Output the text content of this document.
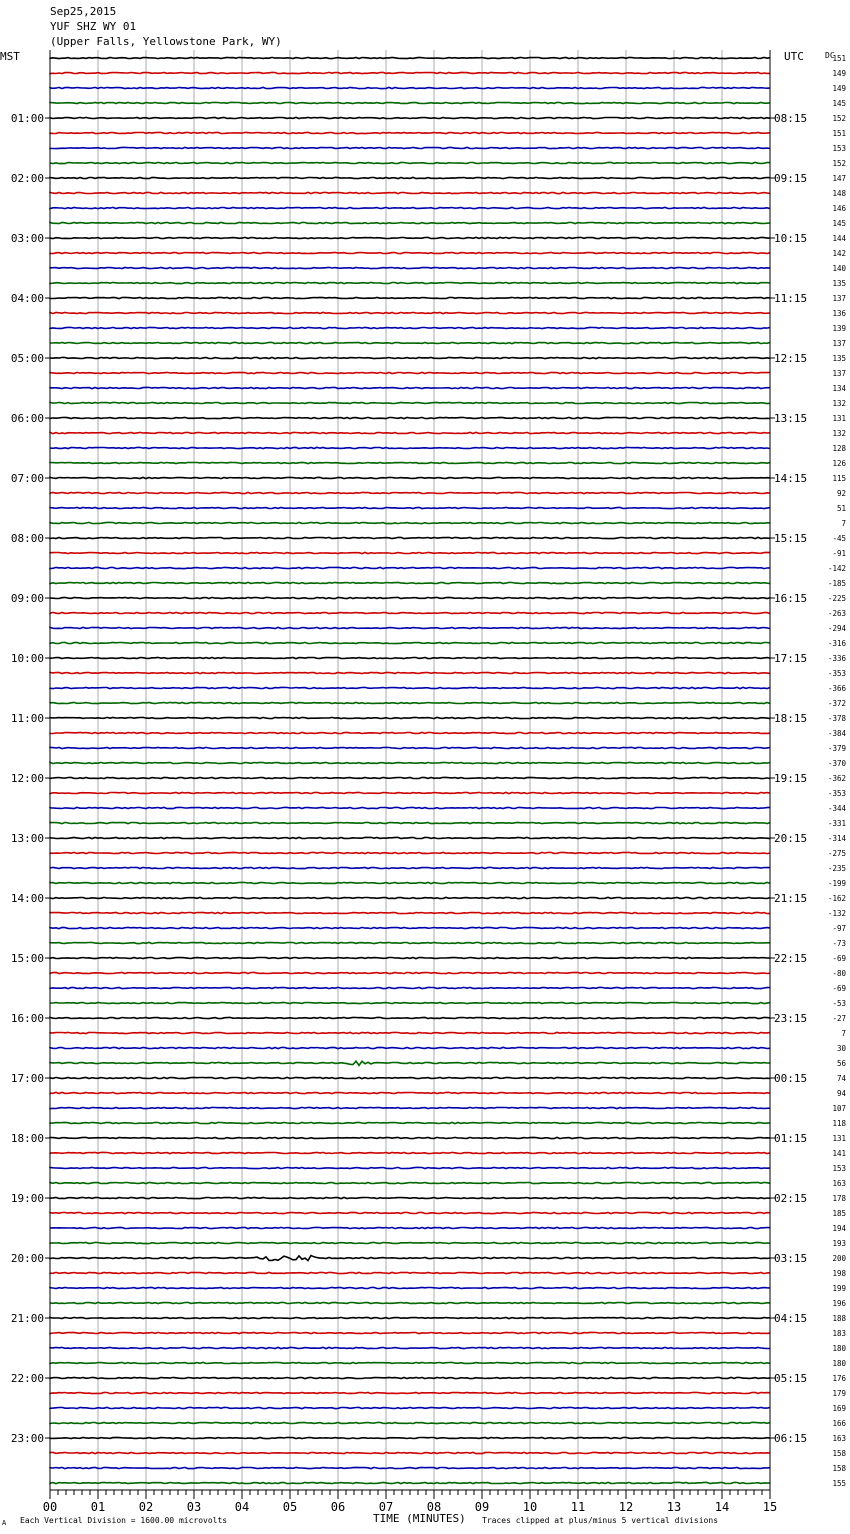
01:00
02:00
03:00
04:00
05:00
06:00
07:00
08:00
09:00
10:00
11:00
12:00
13:00
14:00
15:00
16:00
17:00
18:00
19:00
20:00
21:00
22:00
23:00
08:15
09:15
10:15
11:15
12:15
13:15
14:15
15:15
16:15
17:15
18:15
19:15
20:15
21:15
22:15
23:15
00:15
01:15
02:15
03:15
04:15
05:15
06:15
151
149
149
145
152
151
153
152
147
148
146
145
144
142
140
135
137
136
139
137
135
137
134
132
131
132
128
126
115
92
51
7
-45
-91
-142
-185
-225
-263
-294
-316
-336
-353
-366
-372
-378
-384
-379
-370
-362
-353
-344
-331
-314
-275
-235
-199
-162
-132
-97
-73
-69
-80
-69
-53
-27
7
30
56
74
94
107
118
131
141
153
163
178
185
194
193
200
198
199
196
188
183
180
180
176
179
169
166
163
158
158
155
00	01	02	03	04	05	06	07	08	09	10	11	12	13	14	15
Sep25,2015
YUF SHZ WY 01
(Upper Falls, Yellowstone Park, WY)
MST	UTC	DC
A Each Vertical Division = 1600.00 microvolts	TIME (MINUTES) Traces clipped at plus/minus 5 vertical divisions
